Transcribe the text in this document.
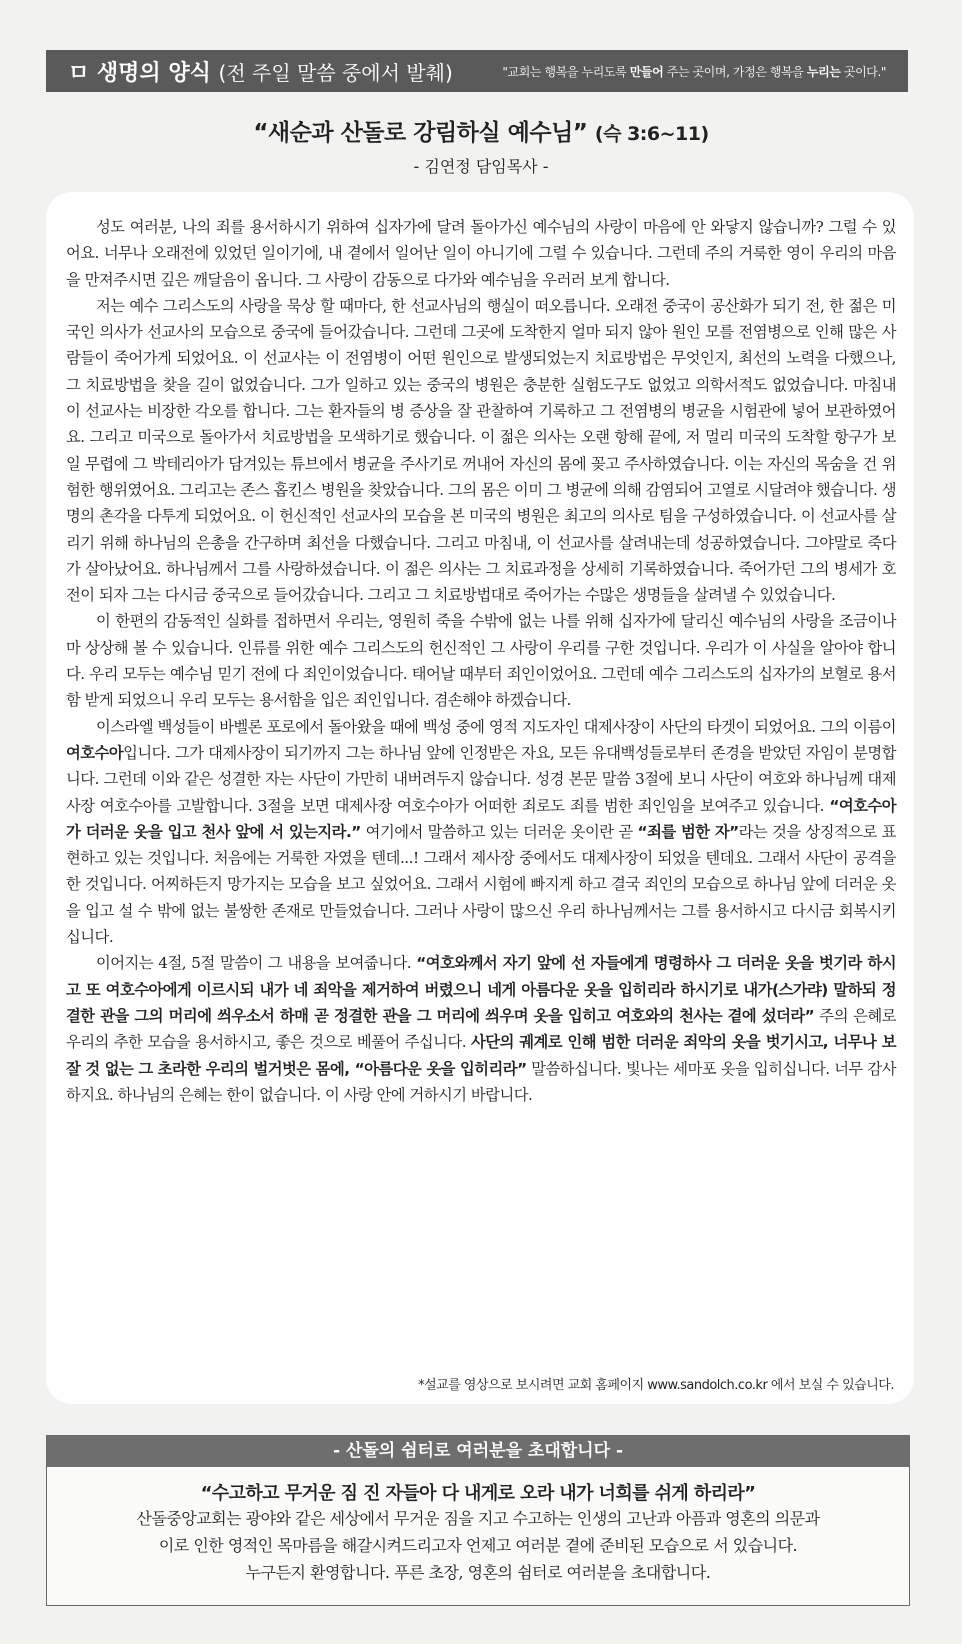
ㅁ 생명의 양식 (전 주일 말씀 중에서 발췌)	"교회는 행복을 누리도록 만들어 주는 곳이며, 가정은 행복을 누리는 곳이다."
“새순과 산돌로 강림하실 예수님” (슥 3:6~11)
- 김연정 담임목사 -

성도 여러분, 나의 죄를 용서하시기 위하여 십자가에 달려 돌아가신 예수님의 사랑이 마음에 안 와닿지 않습니까? 그럴 수 있어요. 너무나 오래전에 있었던 일이기에, 내 곁에서 일어난 일이 아니기에 그럴 수 있습니다. 그런데 주의 거룩한 영이 우리의 마음을 만져주시면 깊은 깨달음이 옵니다. 그 사랑이 감동으로 다가와 예수님을 우러러 보게 합니다.

저는 예수 그리스도의 사랑을 묵상 할 때마다, 한 선교사님의 행실이 떠오릅니다. 오래전 중국이 공산화가 되기 전, 한 젊은 미국인 의사가 선교사의 모습으로 중국에 들어갔습니다. 그런데 그곳에 도착한지 얼마 되지 않아 원인 모를 전염병으로 인해 많은 사람들이 죽어가게 되었어요. 이 선교사는 이 전염병이 어떤 원인으로 발생되었는지 치료방법은 무엇인지, 최선의 노력을 다했으나, 그 치료방법을 찾을 길이 없었습니다. 그가 일하고 있는 중국의 병원은 충분한 실험도구도 없었고 의학서적도 없었습니다. 마침내 이 선교사는 비장한 각오를 합니다. 그는 환자들의 병 증상을 잘 관찰하여 기록하고 그 전염병의 병균을 시험관에 넣어 보관하였어요. 그리고 미국으로 돌아가서 치료방법을 모색하기로 했습니다. 이 젊은 의사는 오랜 항해 끝에, 저 멀리 미국의 도착할 항구가 보일 무렵에 그 박테리아가 담겨있는 튜브에서 병균을 주사기로 꺼내어 자신의 몸에 꽂고 주사하였습니다. 이는 자신의 목숨을 건 위험한 행위였어요. 그리고는 존스 홉킨스 병원을 찾았습니다. 그의 몸은 이미 그 병균에 의해 감염되어 고열로 시달려야 했습니다. 생명의 촌각을 다투게 되었어요. 이 헌신적인 선교사의 모습을 본 미국의 병원은 최고의 의사로 팀을 구성하였습니다. 이 선교사를 살리기 위해 하나님의 은총을 간구하며 최선을 다했습니다. 그리고 마침내, 이 선교사를 살려내는데 성공하였습니다. 그야말로 죽다가 살아났어요. 하나님께서 그를 사랑하셨습니다. 이 젊은 의사는 그 치료과정을 상세히 기록하였습니다. 죽어가던 그의 병세가 호전이 되자 그는 다시금 중국으로 들어갔습니다. 그리고 그 치료방법대로 죽어가는 수많은 생명들을 살려낼 수 있었습니다.

이 한편의 감동적인 실화를 접하면서 우리는, 영원히 죽을 수밖에 없는 나를 위해 십자가에 달리신 예수님의 사랑을 조금이나마 상상해 볼 수 있습니다. 인류를 위한 예수 그리스도의 헌신적인 그 사랑이 우리를 구한 것입니다. 우리가 이 사실을 알아야 합니다. 우리 모두는 예수님 믿기 전에 다 죄인이었습니다. 태어날 때부터 죄인이었어요. 그런데 예수 그리스도의 십자가의 보혈로 용서함 받게 되었으니 우리 모두는 용서함을 입은 죄인입니다. 겸손해야 하겠습니다.

이스라엘 백성들이 바벨론 포로에서 돌아왔을 때에 백성 중에 영적 지도자인 대제사장이 사단의 타겟이 되었어요. 그의 이름이 여호수아입니다. 그가 대제사장이 되기까지 그는 하나님 앞에 인정받은 자요, 모든 유대백성들로부터 존경을 받았던 자임이 분명합니다. 그런데 이와 같은 성결한 자는 사단이 가만히 내버려두지 않습니다. 성경 본문 말씀 3절에 보니 사단이 여호와 하나님께 대제사장 여호수아를 고발합니다. 3절을 보면 대제사장 여호수아가 어떠한 죄로도 죄를 범한 죄인임을 보여주고 있습니다. “여호수아가 더러운 옷을 입고 천사 앞에 서 있는지라.” 여기에서 말씀하고 있는 더러운 옷이란 곧 “죄를 범한 자”라는 것을 상징적으로 표현하고 있는 것입니다. 처음에는 거룩한 자였을 텐데...! 그래서 제사장 중에서도 대제사장이 되었을 텐데요. 그래서 사단이 공격을 한 것입니다. 어찌하든지 망가지는 모습을 보고 싶었어요. 그래서 시험에 빠지게 하고 결국 죄인의 모습으로 하나님 앞에 더러운 옷을 입고 설 수 밖에 없는 불쌍한 존재로 만들었습니다. 그러나 사랑이 많으신 우리 하나님께서는 그를 용서하시고 다시금 회복시키십니다.

이어지는 4절, 5절 말씀이 그 내용을 보여줍니다. “여호와께서 자기 앞에 선 자들에게 명령하사 그 더러운 옷을 벗기라 하시고 또 여호수아에게 이르시되 내가 네 죄악을 제거하여 버렸으니 네게 아름다운 옷을 입히리라 하시기로 내가(스가랴) 말하되 정결한 관을 그의 머리에 씌우소서 하매 곧 정결한 관을 그 머리에 씌우며 옷을 입히고 여호와의 천사는 곁에 섰더라” 주의 은혜로 우리의 추한 모습을 용서하시고, 좋은 것으로 베풀어 주십니다. 사단의 궤계로 인해 범한 더러운 죄악의 옷을 벗기시고, 너무나 보잘 것 없는 그 초라한 우리의 벌거벗은 몸에, “아름다운 옷을 입히리라” 말씀하십니다. 빛나는 세마포 옷을 입히십니다. 너무 감사하지요. 하나님의 은혜는 한이 없습니다. 이 사랑 안에 거하시기 바랍니다.

*설교를 영상으로 보시려면 교회 홈페이지 www.sandolch.co.kr 에서 보실 수 있습니다.
- 산돌의 쉼터로 여러분을 초대합니다 -
“수고하고 무거운 짐 진 자들아 다 내게로 오라 내가 너희를 쉬게 하리라”
산돌중앙교회는 광야와 같은 세상에서 무거운 짐을 지고 수고하는 인생의 고난과 아픔과 영혼의 의문과
이로 인한 영적인 목마름을 해갈시켜드리고자 언제고 여러분 곁에 준비된 모습으로 서 있습니다.
누구든지 환영합니다. 푸른 초장, 영혼의 쉼터로 여러분을 초대합니다.
